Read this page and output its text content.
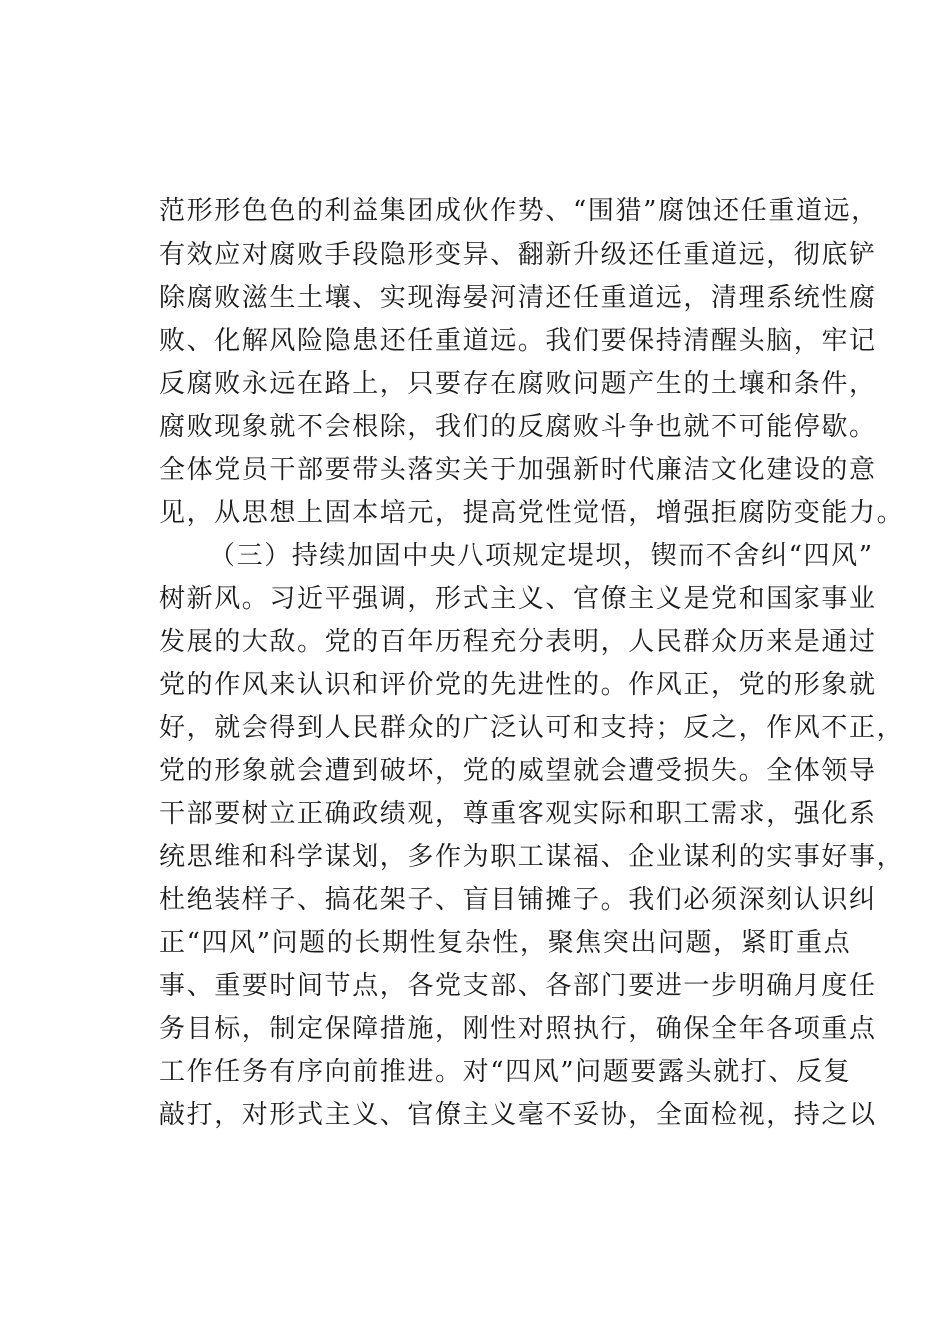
范形形色色的利益集团成伙作势、“围猎”腐蚀还任重道远，
有效应对腐败手段隐形变异、翻新升级还任重道远，彻底铲
除腐败滋生土壤、实现海晏河清还任重道远，清理系统性腐
败、化解风险隐患还任重道远。我们要保持清醒头脑，牢记
反腐败永远在路上，只要存在腐败问题产生的土壤和条件，
腐败现象就不会根除，我们的反腐败斗争也就不可能停歇。
全体党员干部要带头落实关于加强新时代廉洁文化建设的意
见，从思想上固本培元，提高党性觉悟，增强拒腐防变能力。
（三）持续加固中央八项规定堤坝，锲而不舍纠“四风”
树新风。习近平强调，形式主义、官僚主义是党和国家事业
发展的大敌。党的百年历程充分表明，人民群众历来是通过
党的作风来认识和评价党的先进性的。作风正，党的形象就
好，就会得到人民群众的广泛认可和支持；反之，作风不正，
党的形象就会遭到破坏，党的威望就会遭受损失。全体领导
干部要树立正确政绩观，尊重客观实际和职工需求，强化系
统思维和科学谋划，多作为职工谋福、企业谋利的实事好事，
杜绝装样子、搞花架子、盲目铺摊子。我们必须深刻认识纠
正“四风”问题的长期性复杂性，聚焦突出问题，紧盯重点
事、重要时间节点，各党支部、各部门要进一步明确月度任
务目标，制定保障措施，刚性对照执行，确保全年各项重点
工作任务有序向前推进。对“四风”问题要露头就打、反复
敲打，对形式主义、官僚主义毫不妥协，全面检视，持之以
